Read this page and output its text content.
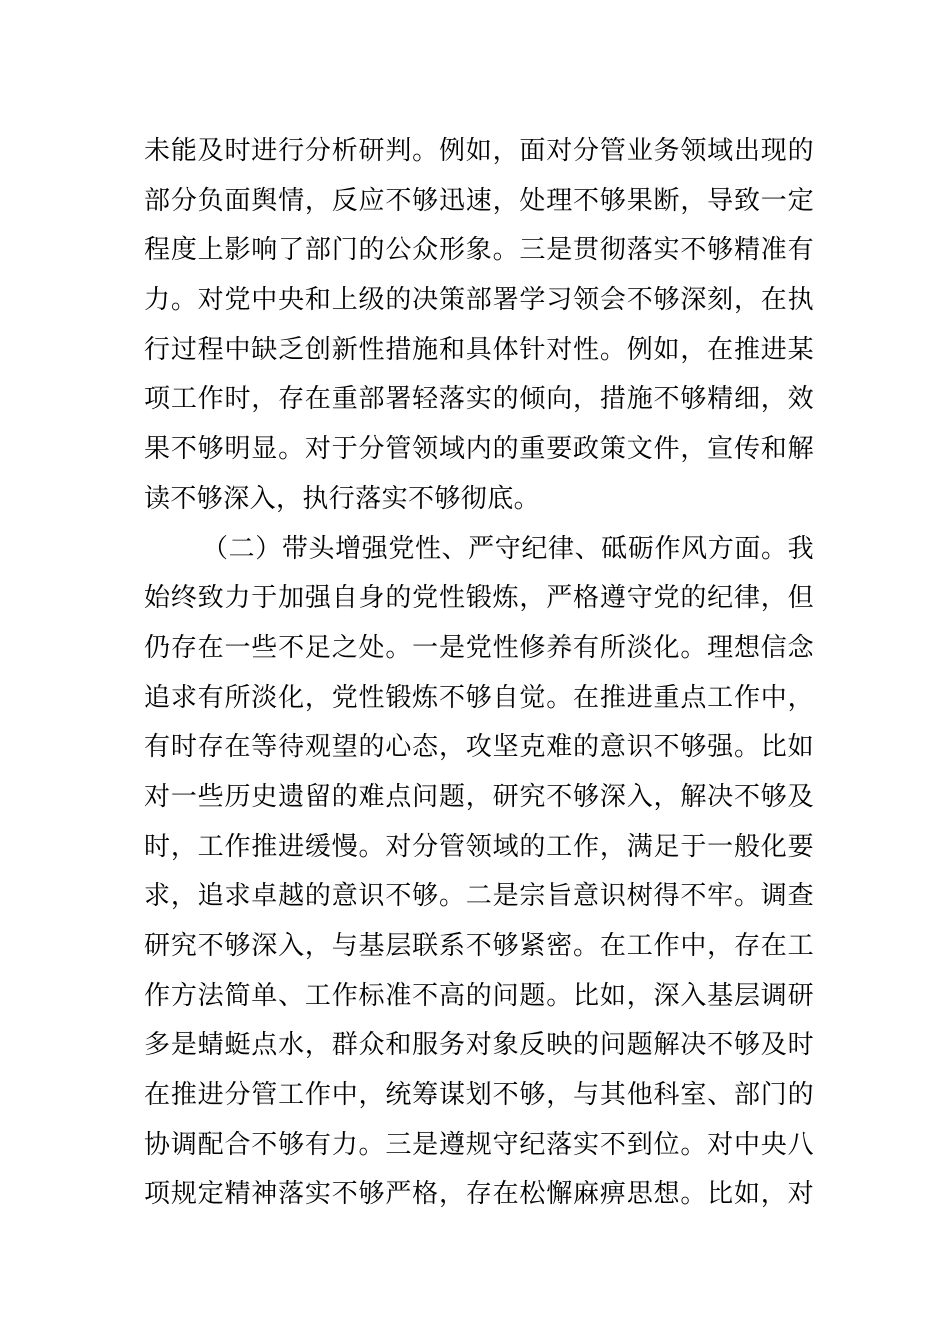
未能及时进行分析研判。例如，面对分管业务领域出现的
部分负面舆情，反应不够迅速，处理不够果断，导致一定
程度上影响了部门的公众形象。三是贯彻落实不够精准有
力。对党中央和上级的决策部署学习领会不够深刻，在执
行过程中缺乏创新性措施和具体针对性。例如，在推进某
项工作时，存在重部署轻落实的倾向，措施不够精细，效
果不够明显。对于分管领域内的重要政策文件，宣传和解
读不够深入，执行落实不够彻底。
（二）带头增强党性、严守纪律、砥砺作风方面。我
始终致力于加强自身的党性锻炼，严格遵守党的纪律，但
仍存在一些不足之处。一是党性修养有所淡化。理想信念
追求有所淡化，党性锻炼不够自觉。在推进重点工作中，
有时存在等待观望的心态，攻坚克难的意识不够强。比如
对一些历史遗留的难点问题，研究不够深入，解决不够及
时，工作推进缓慢。对分管领域的工作，满足于一般化要
求，追求卓越的意识不够。二是宗旨意识树得不牢。调查
研究不够深入，与基层联系不够紧密。在工作中，存在工
作方法简单、工作标准不高的问题。比如，深入基层调研
多是蜻蜓点水，群众和服务对象反映的问题解决不够及时
在推进分管工作中，统筹谋划不够，与其他科室、部门的
协调配合不够有力。三是遵规守纪落实不到位。对中央八
项规定精神落实不够严格，存在松懈麻痹思想。比如，对
